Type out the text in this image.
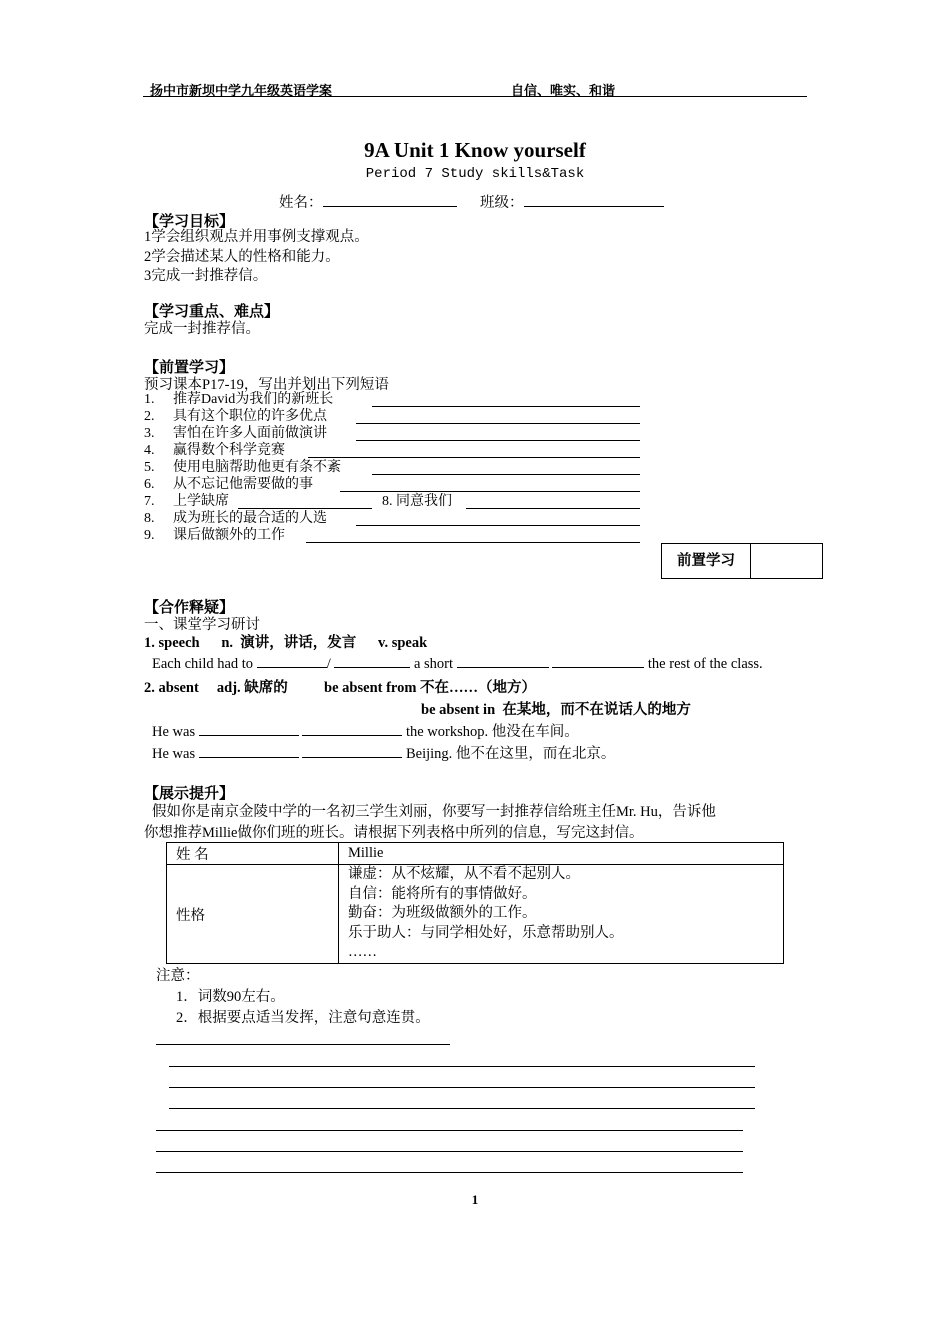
扬中市新坝中学九年级英语学案	自信、唯实、和谐
9A Unit 1 Know yourself
Period 7 Study skills&Task
姓名：	班级：
【学习目标】
1学会组织观点并用事例支撑观点。
2学会描述某人的性格和能力。
3完成一封推荐信。
【学习重点、难点】
完成一封推荐信。
【前置学习】
预习课本P17-19，写出并划出下列短语
1. 推荐David为我们的新班长
2. 具有这个职位的许多优点
3. 害怕在许多人面前做演讲
4. 赢得数个科学竞赛
5. 使用电脑帮助他更有条不紊
6. 从不忘记他需要做的事
7. 上学缺席	8. 同意我们
8. 成为班长的最合适的人选
9. 课后做额外的工作
前置学习	
【合作释疑】
一、课堂学习研讨
1. speech      n.  演讲，讲话，发言      v. speak
Each child had to	/	a short	the rest of the class.
2. absent     adj. 缺席的          be absent from 不在……（地方）
be absent in  在某地，而不在说话人的地方
He was	the workshop. 他没在车间。
He was	Beijing. 他不在这里，而在北京。
【展示提升】
假如你是南京金陵中学的一名初三学生刘丽，你要写一封推荐信给班主任Mr. Hu，告诉他
你想推荐Millie做你们班的班长。请根据下列表格中所列的信息，写完这封信。
姓 名	Millie
性格	谦虚：从不炫耀，从不看不起别人。
自信：能将所有的事情做好。
勤奋：为班级做额外的工作。
乐于助人：与同学相处好，乐意帮助别人。
……
注意：
1．词数90左右。
2．根据要点适当发挥，注意句意连贯。
1
